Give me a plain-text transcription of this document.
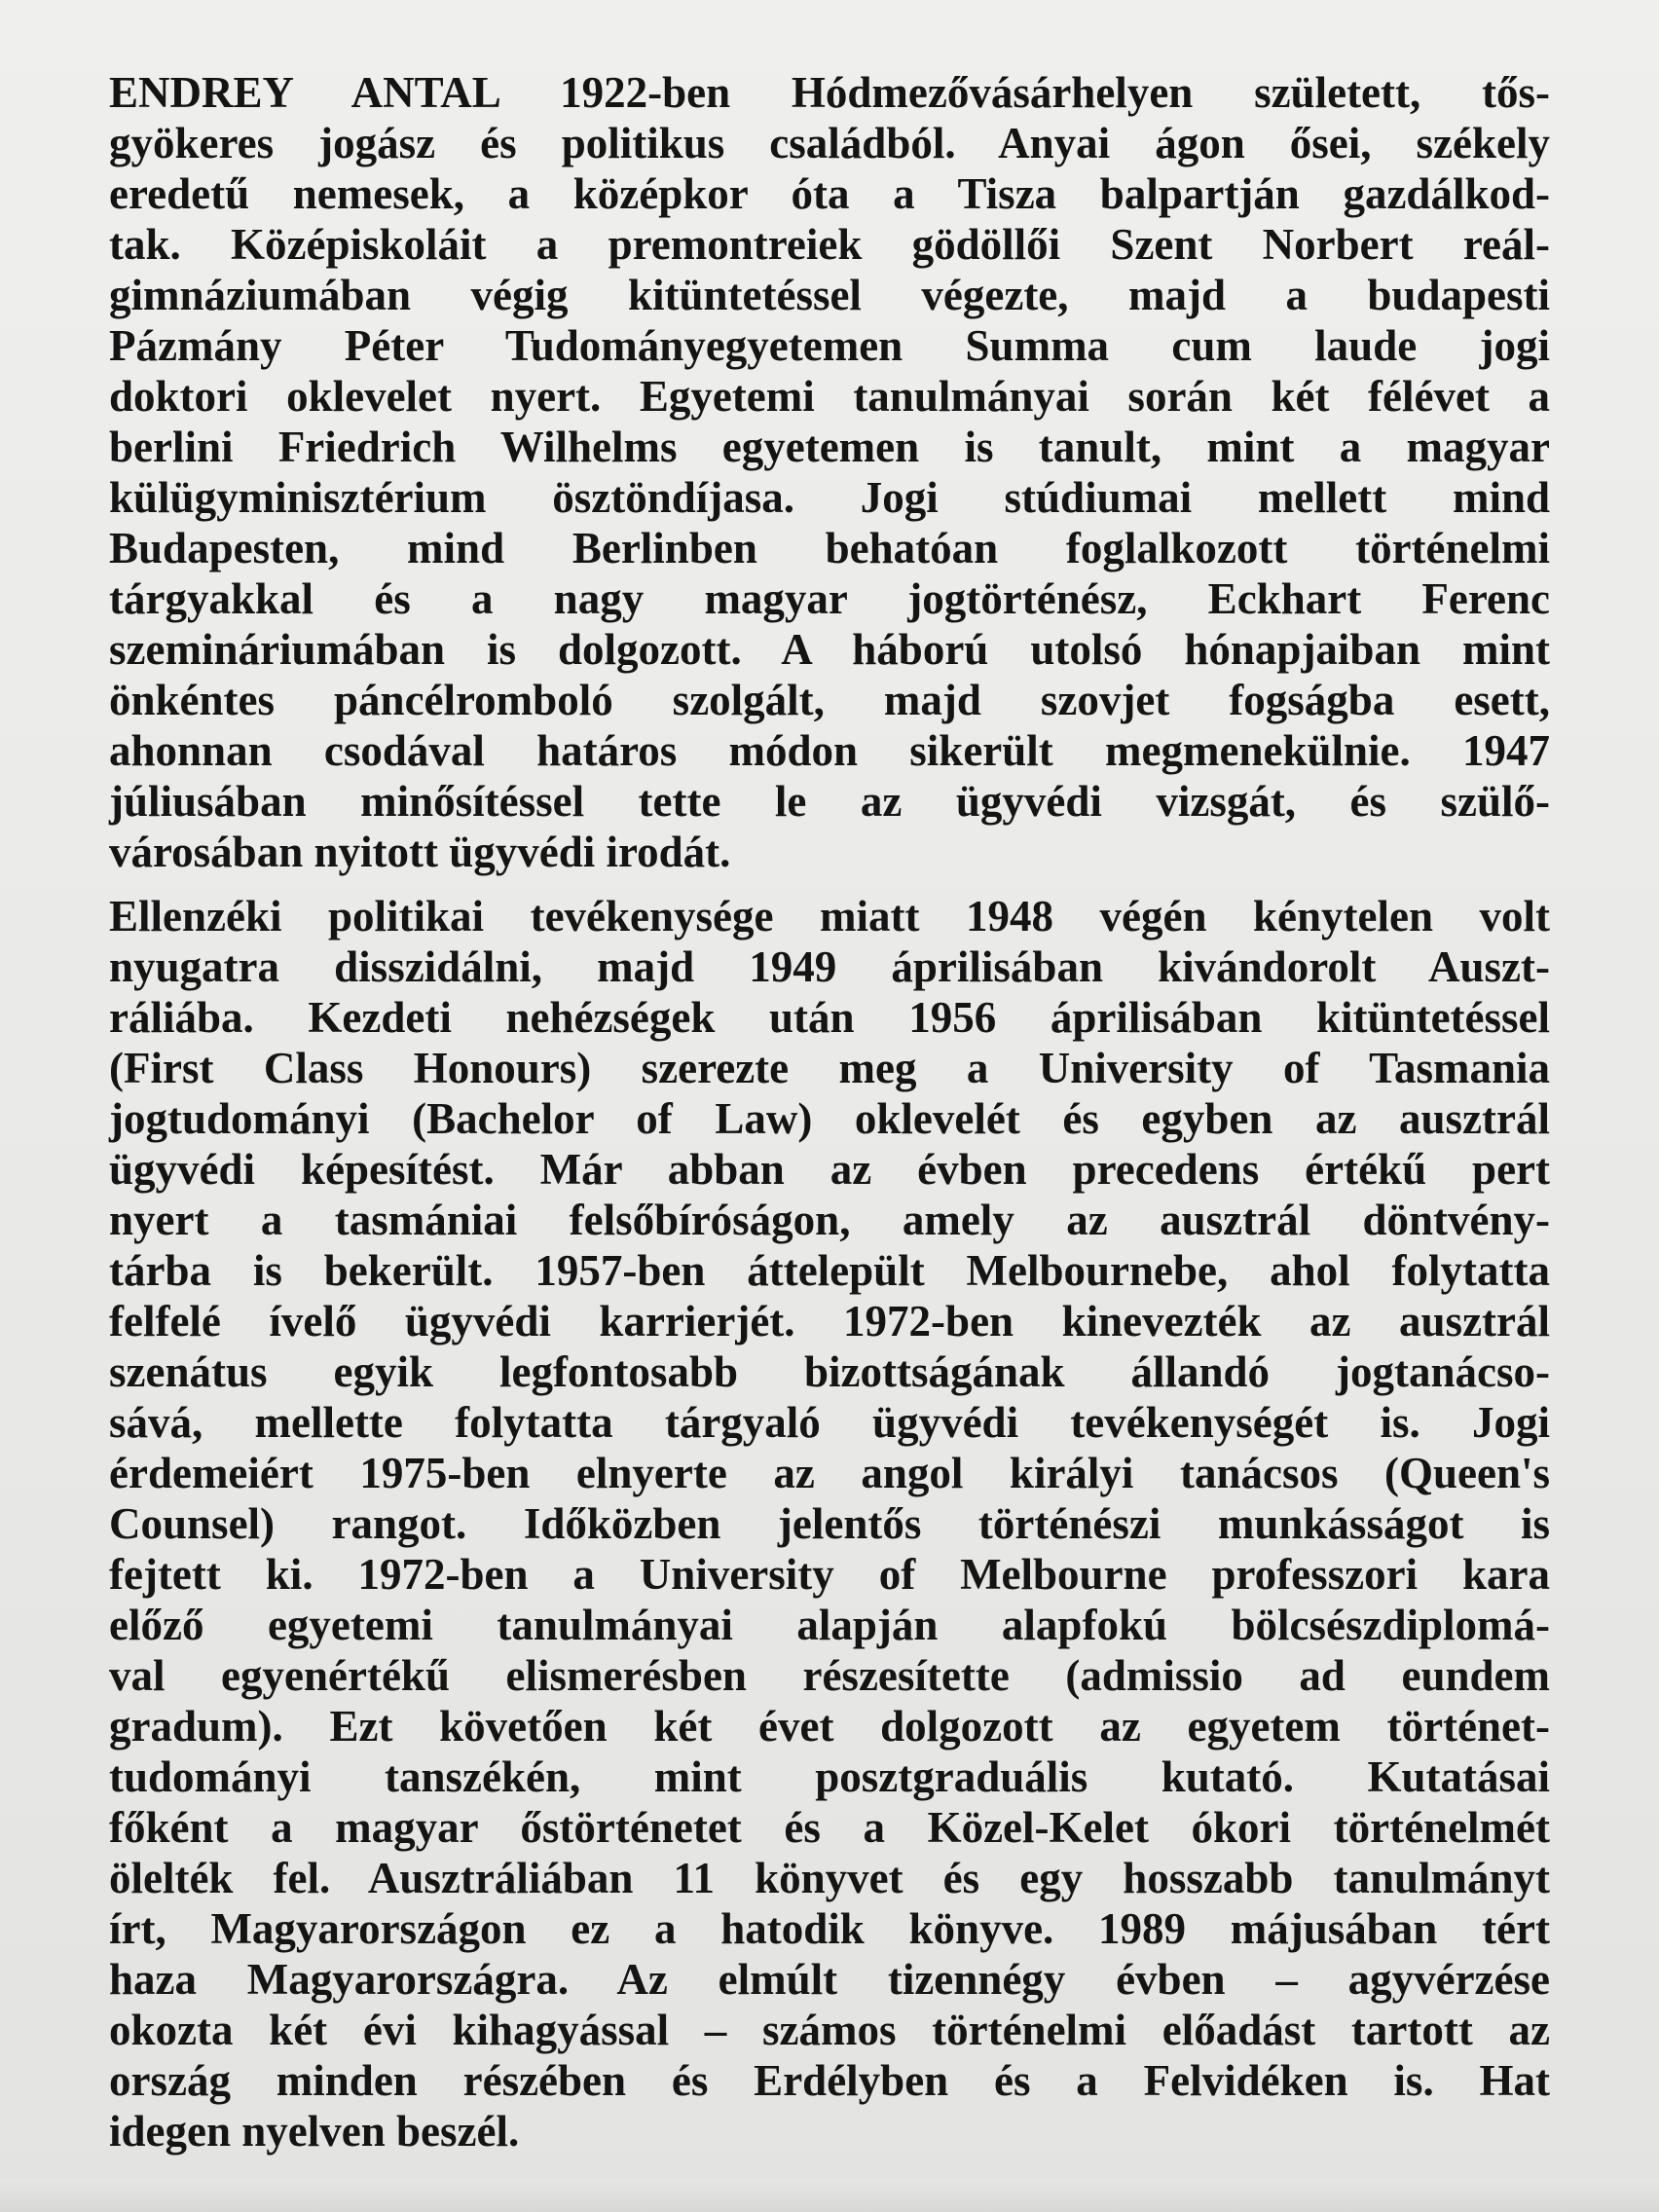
ENDREY ANTAL 1922-ben Hódmezővásárhelyen született, tős-
gyökeres jogász és politikus családból. Anyai ágon ősei, székely
eredetű nemesek, a középkor óta a Tisza balpartján gazdálkod-
tak. Középiskoláit a premontreiek gödöllői Szent Norbert reál-
gimnáziumában végig kitüntetéssel végezte, majd a budapesti
Pázmány Péter Tudományegyetemen Summa cum laude jogi
doktori oklevelet nyert. Egyetemi tanulmányai során két félévet a
berlini Friedrich Wilhelms egyetemen is tanult, mint a magyar
külügyminisztérium ösztöndíjasa. Jogi stúdiumai mellett mind
Budapesten, mind Berlinben behatóan foglalkozott történelmi
tárgyakkal és a nagy magyar jogtörténész, Eckhart Ferenc
szemináriumában is dolgozott. A háború utolsó hónapjaiban mint
önkéntes páncélromboló szolgált, majd szovjet fogságba esett,
ahonnan csodával határos módon sikerült megmenekülnie. 1947
júliusában minősítéssel tette le az ügyvédi vizsgát, és szülő-
városában nyitott ügyvédi irodát.
Ellenzéki politikai tevékenysége miatt 1948 végén kénytelen volt
nyugatra disszidálni, majd 1949 áprilisában kivándorolt Auszt-
ráliába. Kezdeti nehézségek után 1956 áprilisában kitüntetéssel
(First Class Honours) szerezte meg a University of Tasmania
jogtudományi (Bachelor of Law) oklevelét és egyben az ausztrál
ügyvédi képesítést. Már abban az évben precedens értékű pert
nyert a tasmániai felsőbíróságon, amely az ausztrál döntvény-
tárba is bekerült. 1957-ben áttelepült Melbournebe, ahol folytatta
felfelé ívelő ügyvédi karrierjét. 1972-ben kinevezték az ausztrál
szenátus egyik legfontosabb bizottságának állandó jogtanácso-
sává, mellette folytatta tárgyaló ügyvédi tevékenységét is. Jogi
érdemeiért 1975-ben elnyerte az angol királyi tanácsos (Queen's
Counsel) rangot. Időközben jelentős történészi munkásságot is
fejtett ki. 1972-ben a University of Melbourne professzori kara
előző egyetemi tanulmányai alapján alapfokú bölcsészdiplomá-
val egyenértékű elismerésben részesítette (admissio ad eundem
gradum). Ezt követően két évet dolgozott az egyetem történet-
tudományi tanszékén, mint posztgraduális kutató. Kutatásai
főként a magyar őstörténetet és a Közel-Kelet ókori történelmét
ölelték fel. Ausztráliában 11 könyvet és egy hosszabb tanulmányt
írt, Magyarországon ez a hatodik könyve. 1989 májusában tért
haza Magyarországra. Az elmúlt tizennégy évben – agyvérzése
okozta két évi kihagyással – számos történelmi előadást tartott az
ország minden részében és Erdélyben és a Felvidéken is. Hat
idegen nyelven beszél.
